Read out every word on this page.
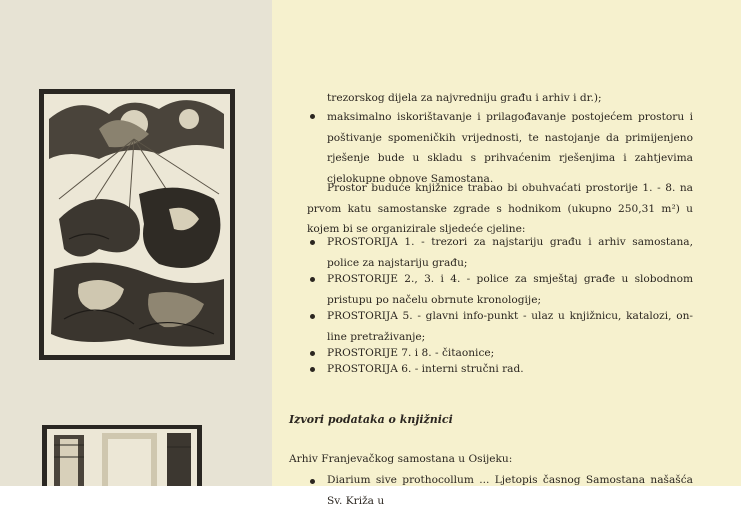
trezorskog dijela za najvredniju građu i arhiv i dr.);
maksimalno iskorištavanje i prilagođavanje postojećem prostoru i poštivanje spomeničkih vrijednosti, te nastojanje da primijenjeno rješenje bude u skladu s prihvaćenim rješenjima i zahtjevima cjelokupne obnove Samostana.
Prostor buduće knjižnice trabao bi obuhvaćati prostorije 1. - 8. na prvom katu samostanske zgrade s hodnikom (ukupno 250,31 m²) u kojem bi se organizirale sljedeće cjeline:
PROSTORIJA 1. - trezori za najstariju građu i arhiv samostana, police za najstariju građu;
PROSTORIJE 2., 3. i 4. - police za smještaj građe u slobodnom pristupu po načelu obrnute kronologije;
PROSTORIJA 5. - glavni info-punkt - ulaz u knjižnicu, katalozi, on-line pretraživanje;
PROSTORIJE 7. i 8. - čitaonice;
PROSTORIJA 6. - interni stručni rad.
Izvori podataka o knjižnici
Arhiv Franjevačkog samostana u Osijeku:
Diarium sive prothocollum ... Ljetopis časnog Samostana našašća Sv. Križa u
